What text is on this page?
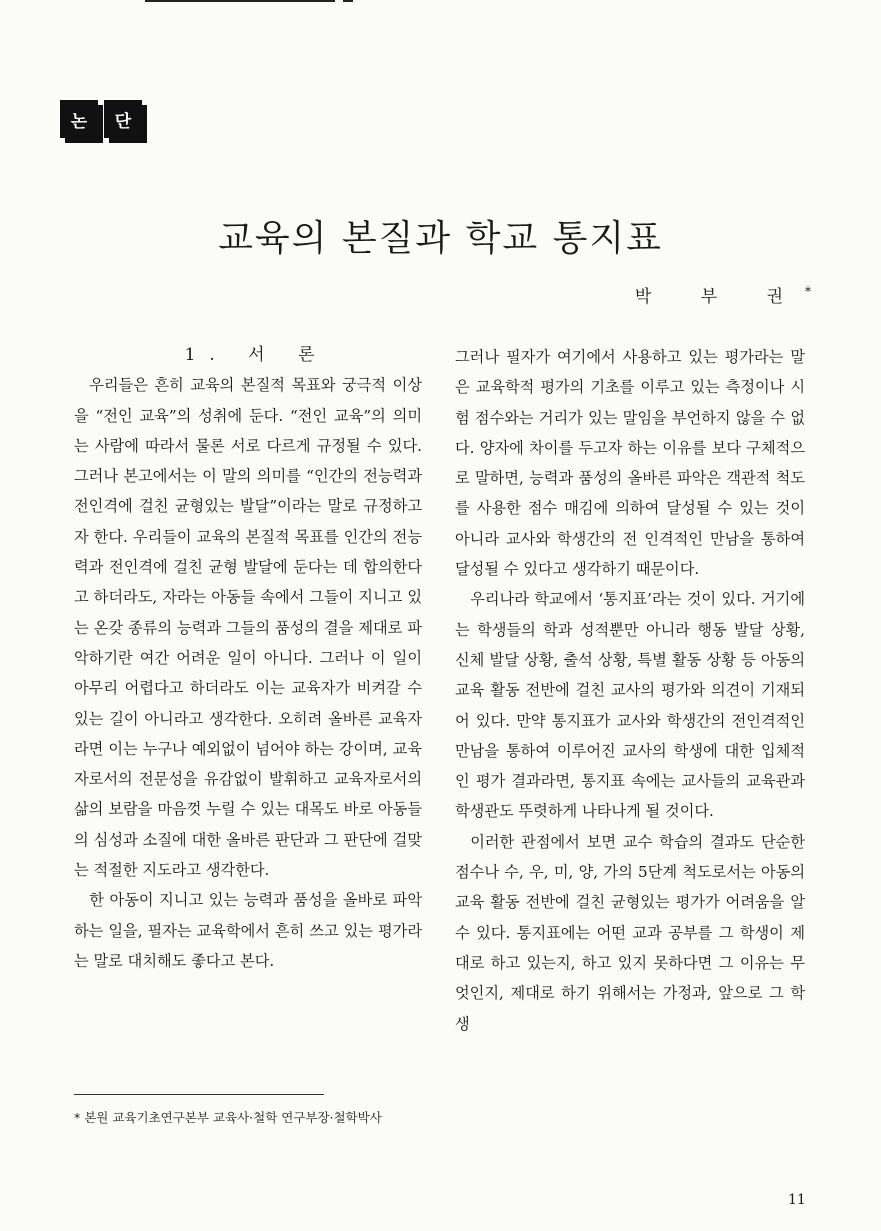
논	단
교육의 본질과 학교 통지표
박 부 권*

1. 서 론

우리들은 흔히 교육의 본질적 목표와 궁극적 이상을 “전인 교육”의 성취에 둔다. “전인 교육”의 의미는 사람에 따라서 물론 서로 다르게 규정될 수 있다. 그러나 본고에서는 이 말의 의미를 “인간의 전능력과 전인격에 걸친 균형있는 발달”이라는 말로 규정하고자 한다. 우리들이 교육의 본질적 목표를 인간의 전능력과 전인격에 걸친 균형 발달에 둔다는 데 합의한다고 하더라도, 자라는 아동들 속에서 그들이 지니고 있는 온갖 종류의 능력과 그들의 품성의 결을 제대로 파악하기란 여간 어려운 일이 아니다. 그러나 이 일이 아무리 어렵다고 하더라도 이는 교육자가 비켜갈 수 있는 길이 아니라고 생각한다. 오히려 올바른 교육자라면 이는 누구나 예외없이 넘어야 하는 강이며, 교육자로서의 전문성을 유감없이 발휘하고 교육자로서의 삶의 보람을 마음껏 누릴 수 있는 대목도 바로 아동들의 심성과 소질에 대한 올바른 판단과 그 판단에 걸맞는 적절한 지도라고 생각한다.

한 아동이 지니고 있는 능력과 품성을 올바로 파악하는 일을, 필자는 교육학에서 흔히 쓰고 있는 평가라는 말로 대치해도 좋다고 본다.

그러나 필자가 여기에서 사용하고 있는 평가라는 말은 교육학적 평가의 기초를 이루고 있는 측정이나 시험 점수와는 거리가 있는 말임을 부언하지 않을 수 없다. 양자에 차이를 두고자 하는 이유를 보다 구체적으로 말하면, 능력과 품성의 올바른 파악은 객관적 척도를 사용한 점수 매김에 의하여 달성될 수 있는 것이 아니라 교사와 학생간의 전 인격적인 만남을 통하여 달성될 수 있다고 생각하기 때문이다.

우리나라 학교에서 ‘통지표’라는 것이 있다. 거기에는 학생들의 학과 성적뿐만 아니라 행동 발달 상황, 신체 발달 상황, 출석 상황, 특별 활동 상황 등 아동의 교육 활동 전반에 걸친 교사의 평가와 의견이 기재되어 있다. 만약 통지표가 교사와 학생간의 전인격적인 만남을 통하여 이루어진 교사의 학생에 대한 입체적인 평가 결과라면, 통지표 속에는 교사들의 교육관과 학생관도 뚜렷하게 나타나게 될 것이다.

이러한 관점에서 보면 교수 학습의 결과도 단순한 점수나 수, 우, 미, 양, 가의 5단계 척도로서는 아동의 교육 활동 전반에 걸친 균형있는 평가가 어려움을 알 수 있다. 통지표에는 어떤 교과 공부를 그 학생이 제대로 하고 있는지, 하고 있지 못하다면 그 이유는 무엇인지, 제대로 하기 위해서는 가정과, 앞으로 그 학생

* 본원 교육기초연구본부 교육사·철학 연구부장·철학박사
11
